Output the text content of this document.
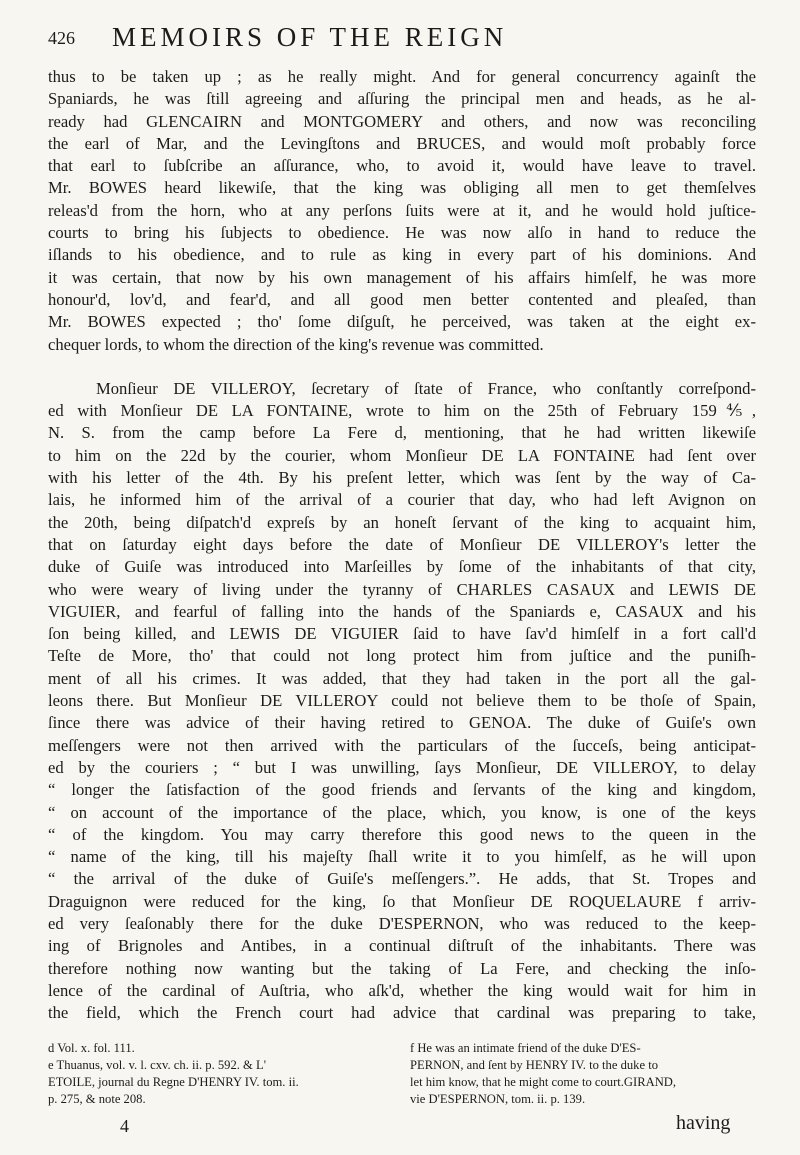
426 MEMOIRS OF THE REIGN

thus to be taken up ; as he really might. And for general concurrency againſt the
Spaniards, he was ſtill agreeing and aſſuring the principal men and heads, as he al-
ready had GLENCAIRN and MONTGOMERY and others, and now was reconciling
the earl of Mar, and the Levingſtons and BRUCES, and would moſt probably force
that earl to ſubſcribe an aſſurance, who, to avoid it, would have leave to travel.
Mr. BOWES heard likewiſe, that the king was obliging all men to get themſelves
releas'd from the horn, who at any perſons ſuits were at it, and he would hold juſtice-
courts to bring his ſubjects to obedience. He was now alſo in hand to reduce the
iſlands to his obedience, and to rule as king in every part of his dominions. And
it was certain, that now by his own management of his affairs himſelf, he was more
honour'd, lov'd, and fear'd, and all good men better contented and pleaſed, than
Mr. BOWES expected ; tho' ſome diſguſt, he perceived, was taken at the eight ex-
chequer lords, to whom the direction of the king's revenue was committed.

Monſieur DE VILLEROY, ſecretary of ſtate of France, who conſtantly correſpond-
ed with Monſieur DE LA FONTAINE, wrote to him on the 25th of February 159⅘,
N. S. from the camp before La Fere d, mentioning, that he had written likewiſe
to him on the 22d by the courier, whom Monſieur DE LA FONTAINE had ſent over
with his letter of the 4th. By his preſent letter, which was ſent by the way of Ca-
lais, he informed him of the arrival of a courier that day, who had left Avignon on
the 20th, being diſpatch'd expreſs by an honeſt ſervant of the king to acquaint him,
that on ſaturday eight days before the date of Monſieur DE VILLEROY's letter the
duke of Guiſe was introduced into Marſeilles by ſome of the inhabitants of that city,
who were weary of living under the tyranny of CHARLES CASAUX and LEWIS DE
VIGUIER, and fearful of falling into the hands of the Spaniards e, CASAUX and his
ſon being killed, and LEWIS DE VIGUIER ſaid to have ſav'd himſelf in a fort call'd
Teſte de More, tho' that could not long protect him from juſtice and the puniſh-
ment of all his crimes. It was added, that they had taken in the port all the gal-
leons there. But Monſieur DE VILLEROY could not believe them to be thoſe of Spain,
ſince there was advice of their having retired to GENOA. The duke of Guiſe's own
meſſengers were not then arrived with the particulars of the ſucceſs, being anticipat-
ed by the couriers ; “ but I was unwilling, ſays Monſieur, DE VILLEROY, to delay
“ longer the ſatisfaction of the good friends and ſervants of the king and kingdom,
“ on account of the importance of the place, which, you know, is one of the keys
“ of the kingdom. You may carry therefore this good news to the queen in the
“ name of the king, till his majeſty ſhall write it to you himſelf, as he will upon
“ the arrival of the duke of Guiſe's meſſengers.”. He adds, that St. Tropes and
Draguignon were reduced for the king, ſo that Monſieur DE ROQUELAURE f arriv-
ed very ſeaſonably there for the duke D'ESPERNON, who was reduced to the keep-
ing of Brignoles and Antibes, in a continual diſtruſt of the inhabitants. There was
therefore nothing now wanting but the taking of La Fere, and checking the inſo-
lence of the cardinal of Auſtria, who aſk'd, whether the king would wait for him in
the field, which the French court had advice that cardinal was preparing to take,

d Vol. x. fol. 111.
e Thuanus, vol. v. l. cxv. ch. ii. p. 592. & L'
ETOILE, journal du Regne D'HENRY IV. tom. ii.
p. 275, & note 208.
f He was an intimate friend of the duke D'ES-
PERNON, and ſent by HENRY IV. to the duke to
let him know, that he might come to court.GIRAND,
vie D'ESPERNON, tom. ii. p. 139.
4	having
